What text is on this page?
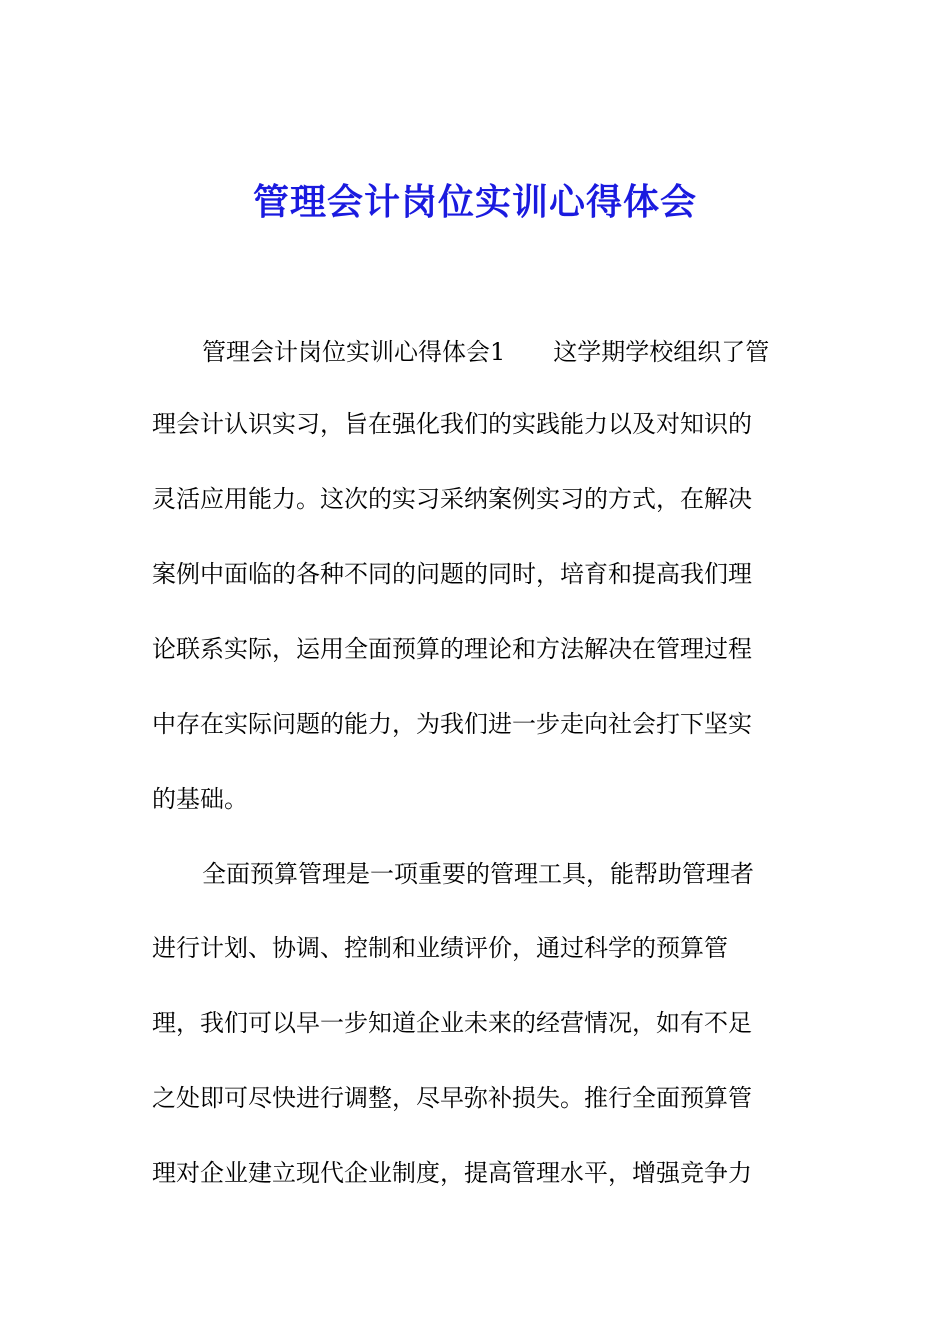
管理会计岗位实训心得体会
管理会计岗位实训心得体会1 这学期学校组织了管
理会计认识实习，旨在强化我们的实践能力以及对知识的
灵活应用能力。这次的实习采纳案例实习的方式，在解决
案例中面临的各种不同的问题的同时，培育和提高我们理
论联系实际，运用全面预算的理论和方法解决在管理过程
中存在实际问题的能力，为我们进一步走向社会打下坚实
的基础。
全面预算管理是一项重要的管理工具，能帮助管理者
进行计划、协调、控制和业绩评价，通过科学的预算管
理，我们可以早一步知道企业未来的经营情况，如有不足
之处即可尽快进行调整，尽早弥补损失。推行全面预算管
理对企业建立现代企业制度，提高管理水平，增强竞争力
